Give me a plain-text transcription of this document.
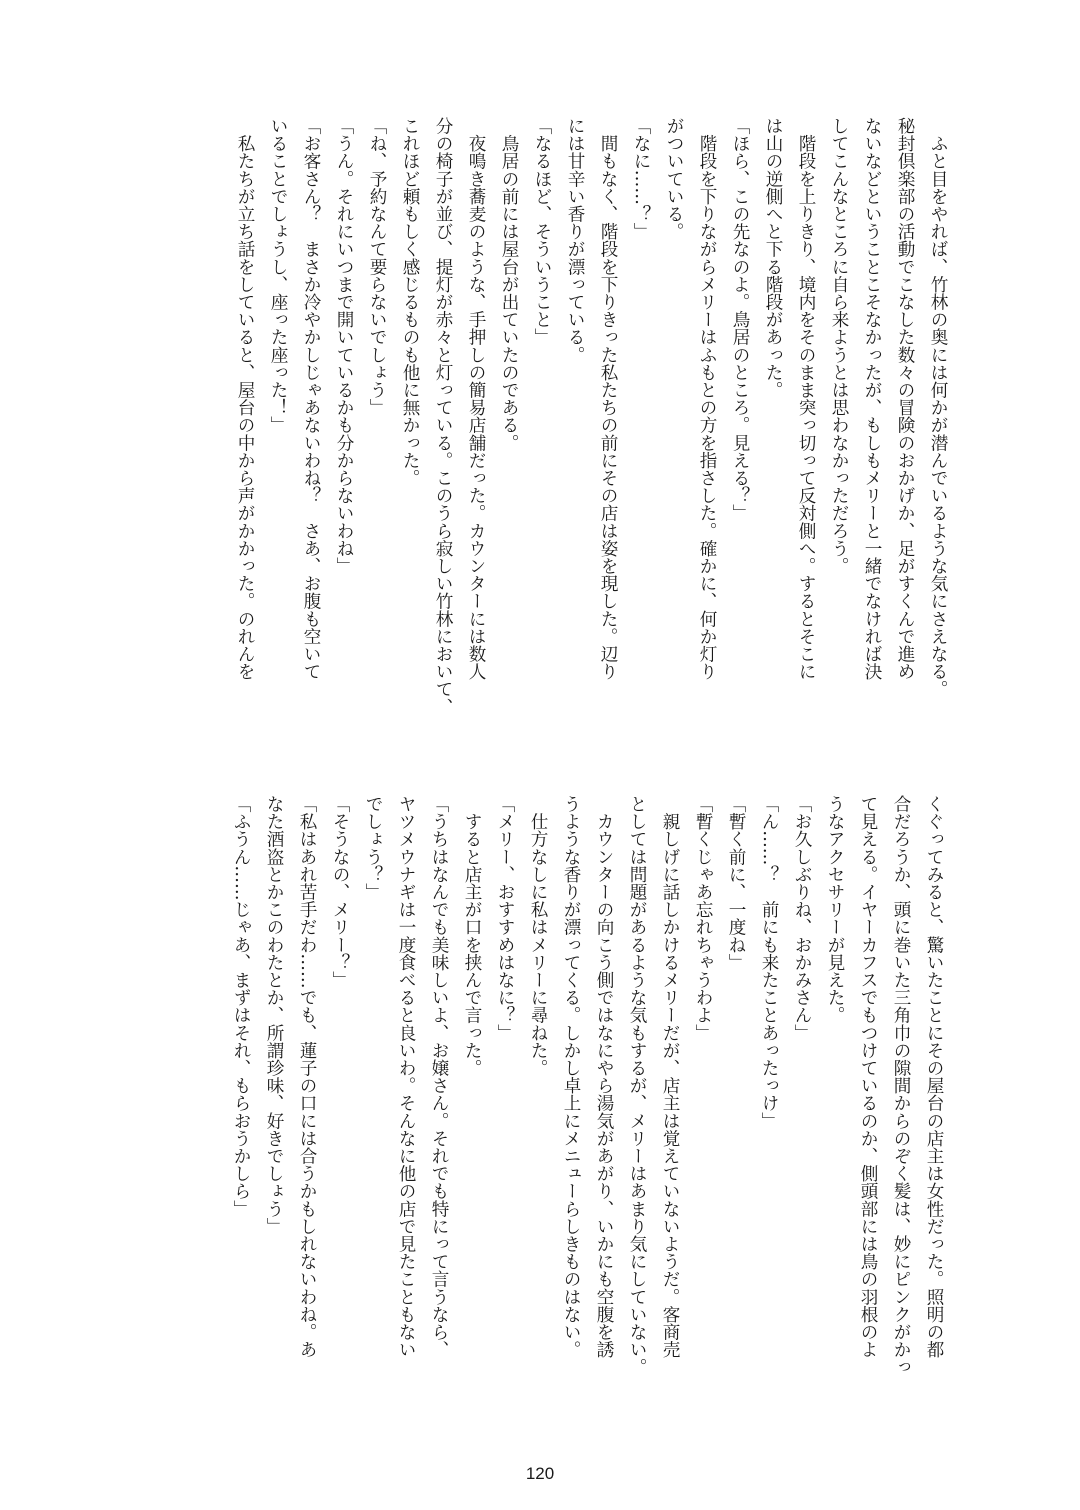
　ふと目をやれば、竹林の奥には何かが潜んでいるような気にさえなる。
秘封倶楽部の活動でこなした数々の冒険のおかげか、足がすくんで進め
ないなどということこそなかったが、もしもメリーと一緒でなければ決
してこんなところに自ら来ようとは思わなかっただろう。
　階段を上りきり、境内をそのまま突っ切って反対側へ。するとそこに
は山の逆側へと下る階段があった。
「ほら、この先なのよ。鳥居のところ。見える？」
　階段を下りながらメリーはふもとの方を指さした。確かに、何か灯り
がついている。
「なに……？」
　間もなく、階段を下りきった私たちの前にその店は姿を現した。辺り
には甘辛い香りが漂っている。
「なるほど、そういうこと」
　鳥居の前には屋台が出ていたのである。
　夜鳴き蕎麦のような、手押しの簡易店舗だった。カウンターには数人
分の椅子が並び、提灯が赤々と灯っている。このうら寂しい竹林において、
これほど頼もしく感じるものも他に無かった。
「ね、予約なんて要らないでしょう」
「うん。それにいつまで開いているかも分からないわね」
「お客さん？　まさか冷やかしじゃあないわね？　さあ、お腹も空いて
いることでしょうし、座った座った！」
　私たちが立ち話をしていると、屋台の中から声がかかった。のれんを
くぐってみると、驚いたことにその屋台の店主は女性だった。照明の都
合だろうか、頭に巻いた三角巾の隙間からのぞく髪は、妙にピンクがかっ
て見える。イヤーカフスでもつけているのか、側頭部には鳥の羽根のよ
うなアクセサリーが見えた。
「お久しぶりね、おかみさん」
「ん……？　前にも来たことあったっけ」
「暫く前に、一度ね」
「暫くじゃあ忘れちゃうわよ」
　親しげに話しかけるメリーだが、店主は覚えていないようだ。客商売
としては問題があるような気もするが、メリーはあまり気にしていない。
　カウンターの向こう側ではなにやら湯気があがり、いかにも空腹を誘
うような香りが漂ってくる。しかし卓上にメニューらしきものはない。
　仕方なしに私はメリーに尋ねた。
「メリー、おすすめはなに？」
　すると店主が口を挟んで言った。
「うちはなんでも美味しいよ、お嬢さん。それでも特にって言うなら、
ヤツメウナギは一度食べると良いわ。そんなに他の店で見たこともない
でしょう？」
「そうなの、メリー？」
「私はあれ苦手だわ……でも、蓮子の口には合うかもしれないわね。あ
なた酒盗とかこのわたとか、所謂珍味、好きでしょう」
「ふうん……じゃあ、まずはそれ、もらおうかしら」
120
